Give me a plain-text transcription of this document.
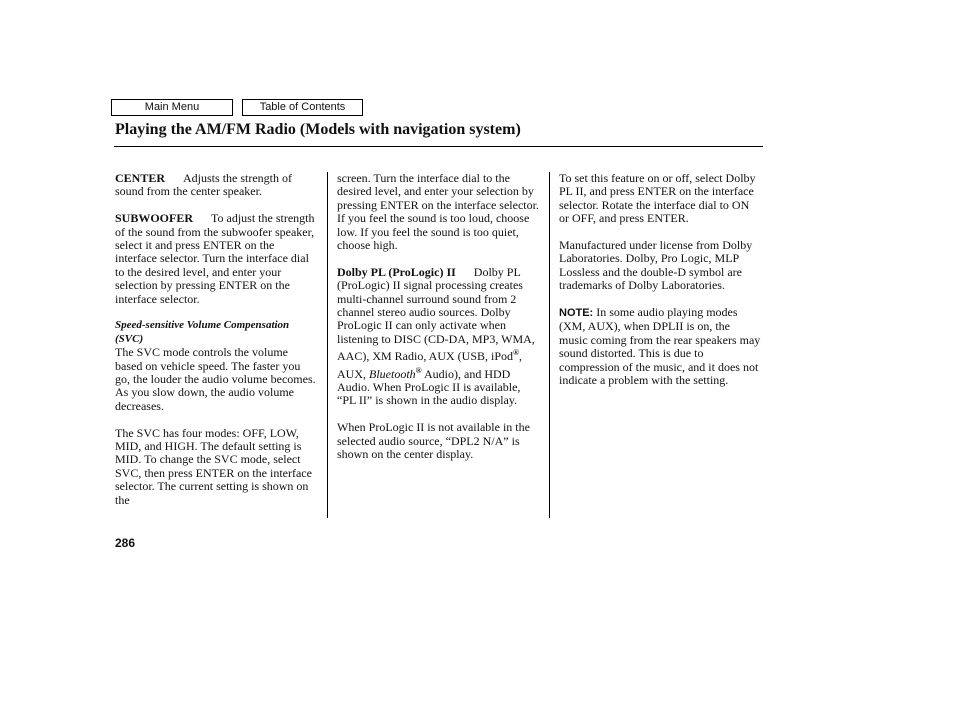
Main Menu	Table of Contents
Playing the AM/FM Radio (Models with navigation system)

CENTER Adjusts the strength of sound from the center speaker.

SUBWOOFER To adjust the strength of the sound from the subwoofer speaker, select it and press ENTER on the interface selector. Turn the interface dial to the desired level, and enter your selection by pressing ENTER on the interface selector.

Speed-sensitive Volume Compensation (SVC)

The SVC mode controls the volume based on vehicle speed. The faster you go, the louder the audio volume becomes. As you slow down, the audio volume decreases.

The SVC has four modes: OFF, LOW, MID, and HIGH. The default setting is MID. To change the SVC mode, select SVC, then press ENTER on the interface selector. The current setting is shown on the

screen. Turn the interface dial to the desired level, and enter your selection by pressing ENTER on the interface selector. If you feel the sound is too loud, choose low. If you feel the sound is too quiet, choose high.

Dolby PL (ProLogic) II Dolby PL (ProLogic) II signal processing creates multi-channel surround sound from 2 channel stereo audio sources. Dolby ProLogic II can only activate when listening to DISC (CD-DA, MP3, WMA, AAC), XM Radio, AUX (USB, iPod®, AUX, Bluetooth® Audio), and HDD Audio. When ProLogic II is available, “PL II” is shown in the audio display.

When ProLogic II is not available in the selected audio source, “DPL2 N/A” is shown on the center display.

To set this feature on or off, select Dolby PL II, and press ENTER on the interface selector. Rotate the interface dial to ON or OFF, and press ENTER.

Manufactured under license from Dolby Laboratories. Dolby, Pro Logic, MLP Lossless and the double-D symbol are trademarks of Dolby Laboratories.

NOTE: In some audio playing modes (XM, AUX), when DPLII is on, the music coming from the rear speakers may sound distorted. This is due to compression of the music, and it does not indicate a problem with the setting.

286
